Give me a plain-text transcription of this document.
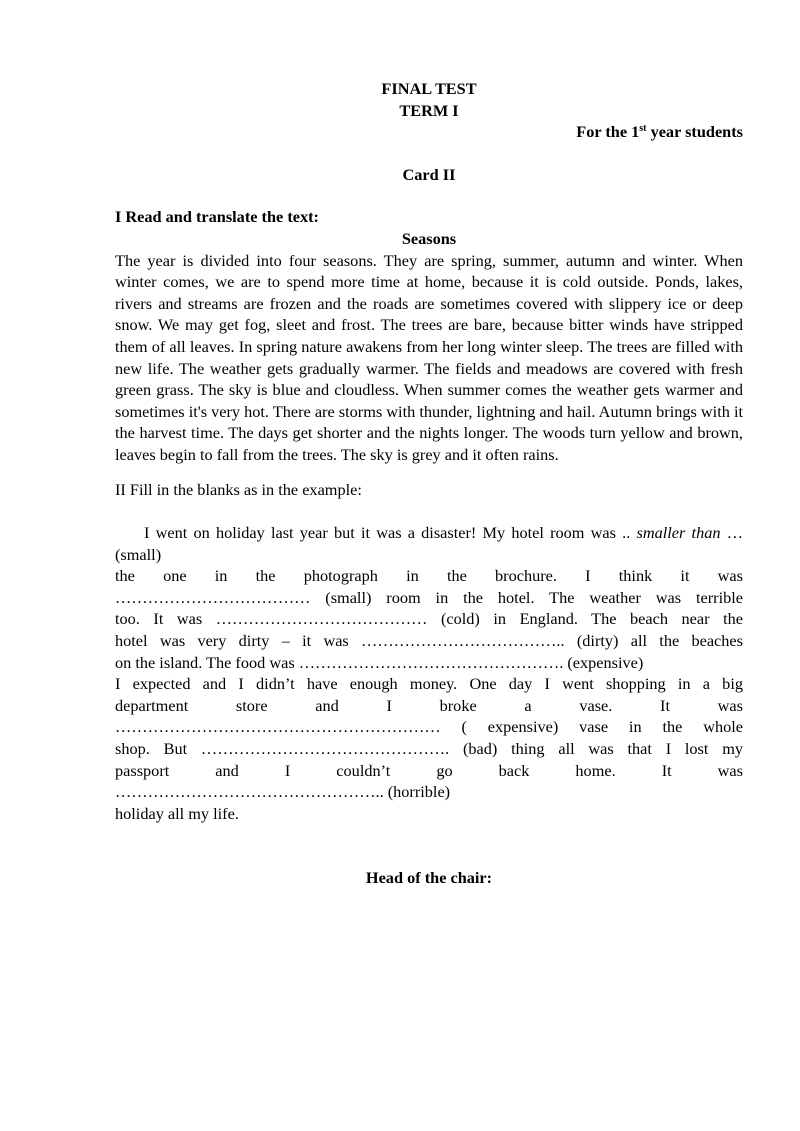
FINAL TEST

TERM I

For the 1st year students

Card II

I Read and translate the text:

Seasons

The year is divided into four seasons. They are spring, summer, autumn and winter. When winter comes, we are to spend more time at home, because it is cold outside. Ponds, lakes, rivers and streams are frozen and the roads are sometimes covered with slippery ice or deep snow. We may get fog, sleet and frost. The trees are bare, because bitter winds have stripped them of all leaves. In spring nature awakens from her long winter sleep. The trees are filled with new life. The weather gets gradually warmer. The fields and meadows are covered with fresh green grass. The sky is blue and cloudless. When summer comes the weather gets warmer and sometimes it's very hot. There are storms with thunder, lightning and hail. Autumn brings with it the harvest time. The days get shorter and the nights longer. The woods turn yellow and brown, leaves begin to fall from the trees. The sky is grey and it often rains.

II Fill in the blanks as in the example:

I went on holiday last year but it was a disaster! My hotel room was .. smaller than … (small)

the one in the photograph in the brochure. I think it was

……………………………… (small) room in the hotel. The weather was terrible

too. It was ………………………………… (cold) in England. The beach near the

hotel was very dirty – it was ……………………………….. (dirty) all the beaches

on the island. The food was …………………………………………. (expensive)

I expected and I didn’t have enough money. One day I went shopping in a big

department store and I broke a vase. It was

…………………………………………………… ( expensive) vase in the whole

shop. But ………………………………………. (bad) thing all was that I lost my

passport and I couldn’t go back home. It was

………………………………………….. (horrible)

holiday all my life.

Head of the chair:
